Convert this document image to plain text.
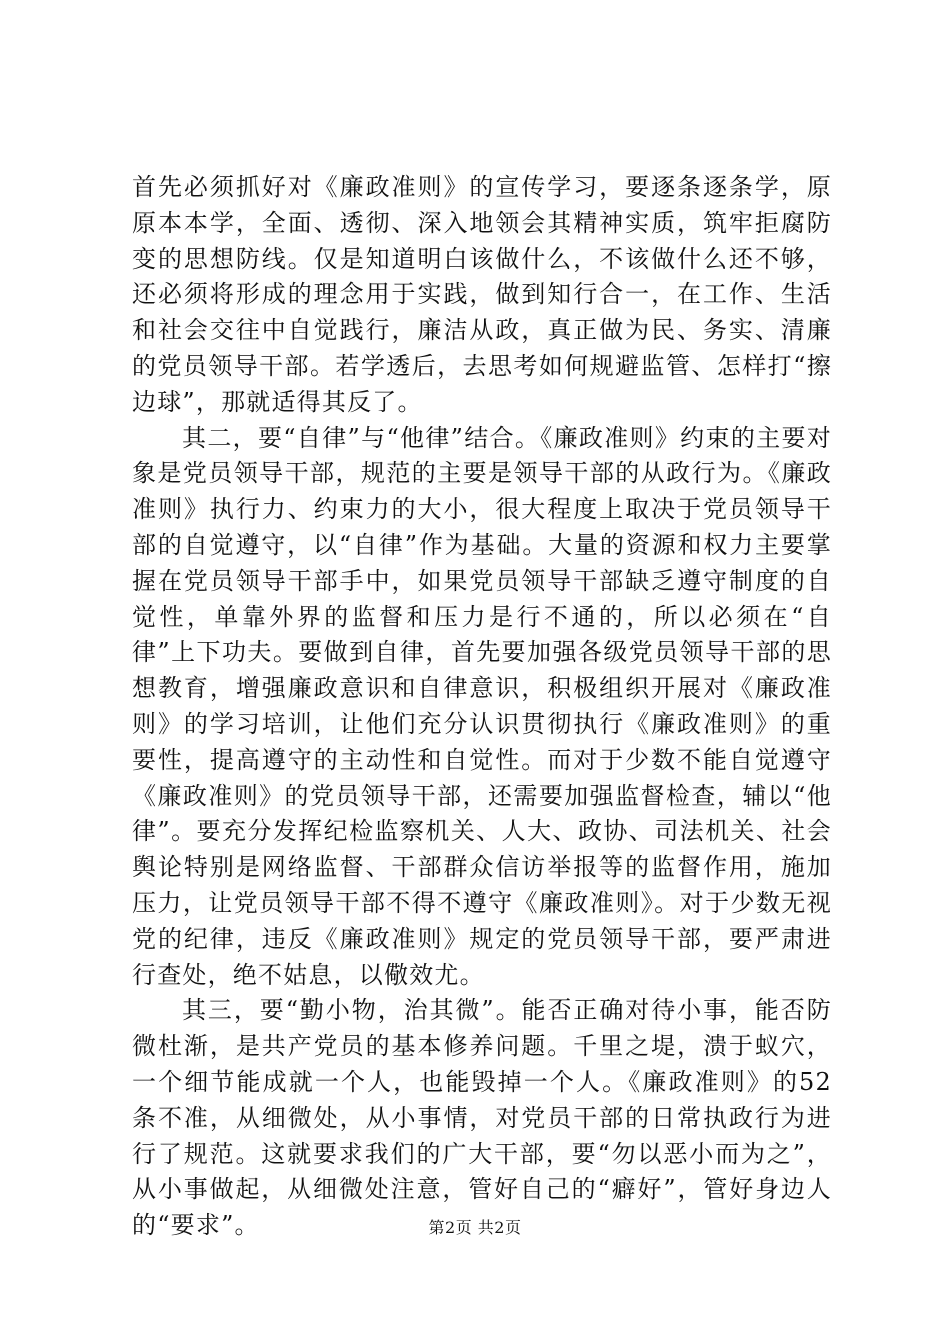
首先必须抓好对《廉政准则》的宣传学习，要逐条逐条学，原原本本学，全面、透彻、深入地领会其精神实质，筑牢拒腐防变的思想防线。仅是知道明白该做什么，不该做什么还不够，还必须将形成的理念用于实践，做到知行合一，在工作、生活和社会交往中自觉践行，廉洁从政，真正做为民、务实、清廉的党员领导干部。若学透后，去思考如何规避监管、怎样打“擦边球”，那就适得其反了。

其二，要“自律”与“他律”结合。《廉政准则》约束的主要对象是党员领导干部，规范的主要是领导干部的从政行为。《廉政准则》执行力、约束力的大小，很大程度上取决于党员领导干部的自觉遵守，以“自律”作为基础。大量的资源和权力主要掌握在党员领导干部手中，如果党员领导干部缺乏遵守制度的自觉性，单靠外界的监督和压力是行不通的，所以必须在“自律”上下功夫。要做到自律，首先要加强各级党员领导干部的思想教育，增强廉政意识和自律意识，积极组织开展对《廉政准则》的学习培训，让他们充分认识贯彻执行《廉政准则》的重要性，提高遵守的主动性和自觉性。而对于少数不能自觉遵守《廉政准则》的党员领导干部，还需要加强监督检查，辅以“他律”。要充分发挥纪检监察机关、人大、政协、司法机关、社会舆论特别是网络监督、干部群众信访举报等的监督作用，施加压力，让党员领导干部不得不遵守《廉政准则》。对于少数无视党的纪律，违反《廉政准则》规定的党员领导干部，要严肃进行查处，绝不姑息，以儆效尤。

其三，要“勤小物，治其微”。能否正确对待小事，能否防微杜渐，是共产党员的基本修养问题。千里之堤，溃于蚁穴，一个细节能成就一个人，也能毁掉一个人。《廉政准则》的52条不准，从细微处，从小事情，对党员干部的日常执政行为进行了规范。这就要求我们的广大干部，要“勿以恶小而为之”，从小事做起，从细微处注意，管好自己的“癖好”，管好身边人的“要求”。	第2页 共2页
